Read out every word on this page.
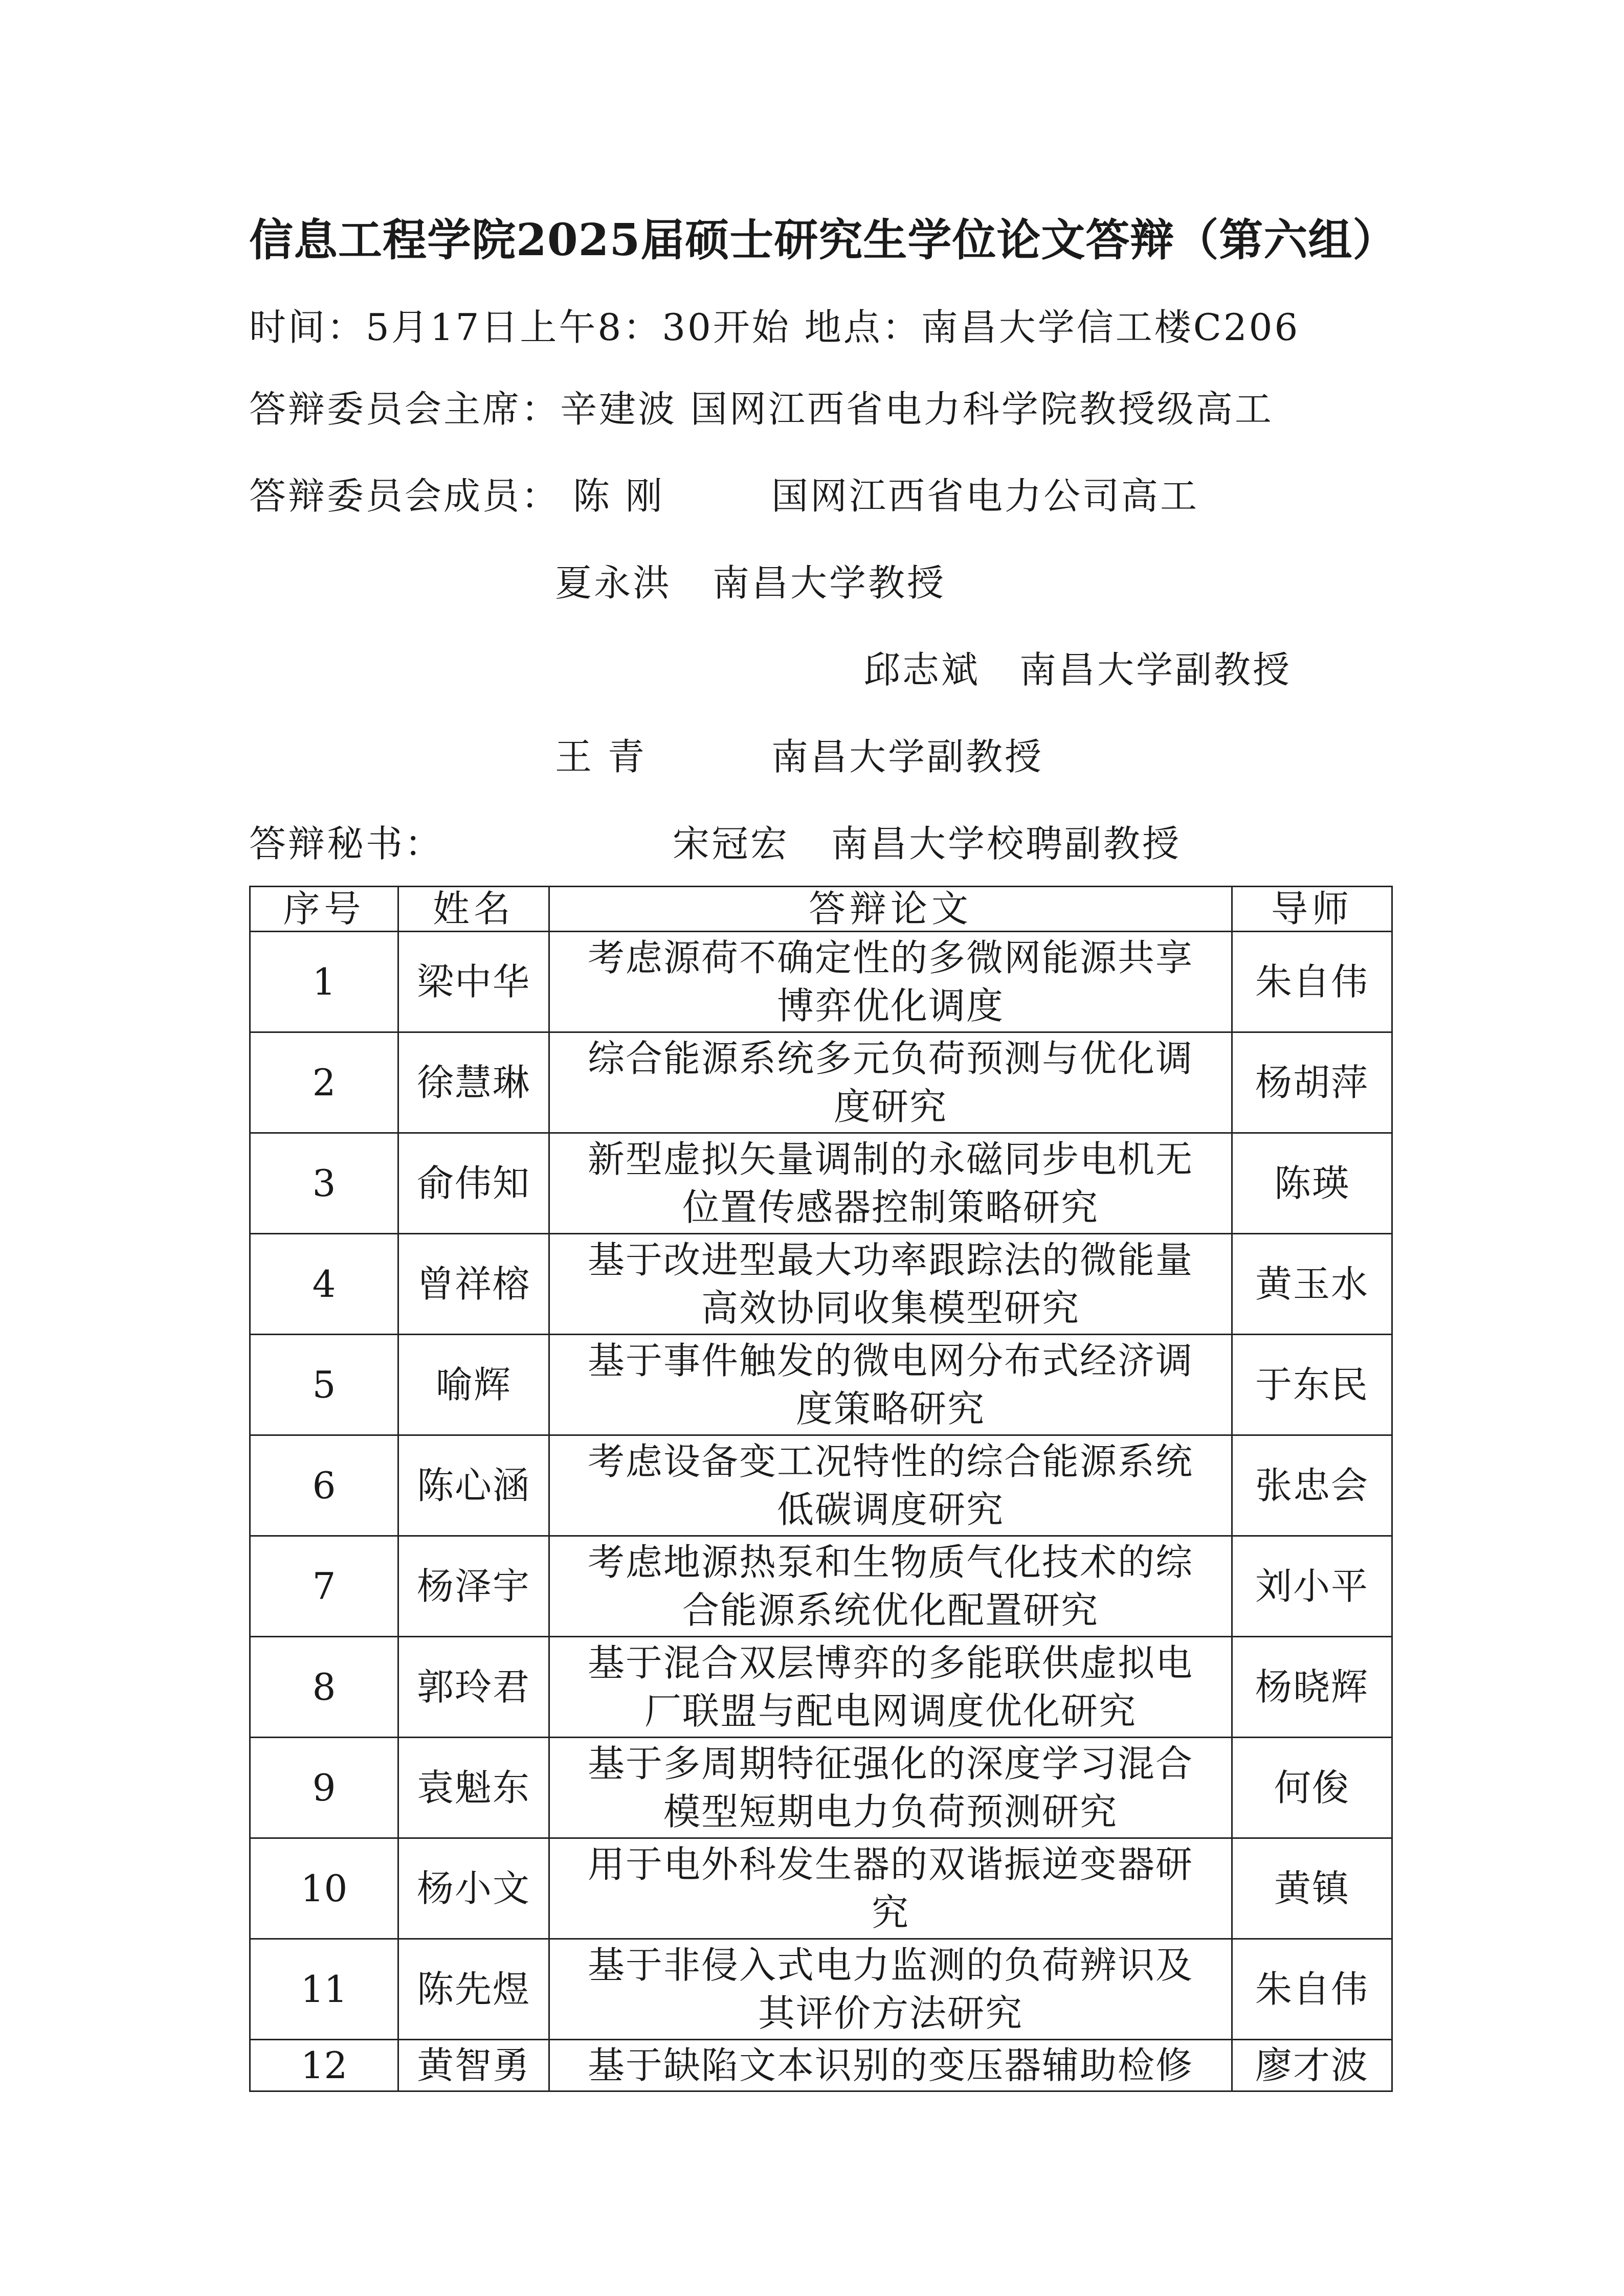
信息工程学院2025届硕士研究生学位论文答辩（第六组）
时间：5月17日上午8：30开始 地点：南昌大学信工楼C206
答辩委员会主席：辛建波 国网江西省电力科学院教授级高工
答辩委员会成员： 陈 刚	国网江西省电力公司高工
夏永洪 南昌大学教授
邱志斌 南昌大学副教授
王 青	南昌大学副教授
答辩秘书：	宋冠宏 南昌大学校聘副教授
序号	姓名	答辩论文	导师
1	梁中华	考虑源荷不确定性的多微网能源共享博弈优化调度	朱自伟
2	徐慧琳	综合能源系统多元负荷预测与优化调度研究	杨胡萍
3	俞伟知	新型虚拟矢量调制的永磁同步电机无位置传感器控制策略研究	陈瑛
4	曾祥榕	基于改进型最大功率跟踪法的微能量高效协同收集模型研究	黄玉水
5	喻辉	基于事件触发的微电网分布式经济调度策略研究	于东民
6	陈心涵	考虑设备变工况特性的综合能源系统低碳调度研究	张忠会
7	杨泽宇	考虑地源热泵和生物质气化技术的综合能源系统优化配置研究	刘小平
8	郭玲君	基于混合双层博弈的多能联供虚拟电厂联盟与配电网调度优化研究	杨晓辉
9	袁魁东	基于多周期特征强化的深度学习混合模型短期电力负荷预测研究	何俊
10	杨小文	用于电外科发生器的双谐振逆变器研究	黄镇
11	陈先煜	基于非侵入式电力监测的负荷辨识及其评价方法研究	朱自伟
12	黄智勇	基于缺陷文本识别的变压器辅助检修	廖才波
